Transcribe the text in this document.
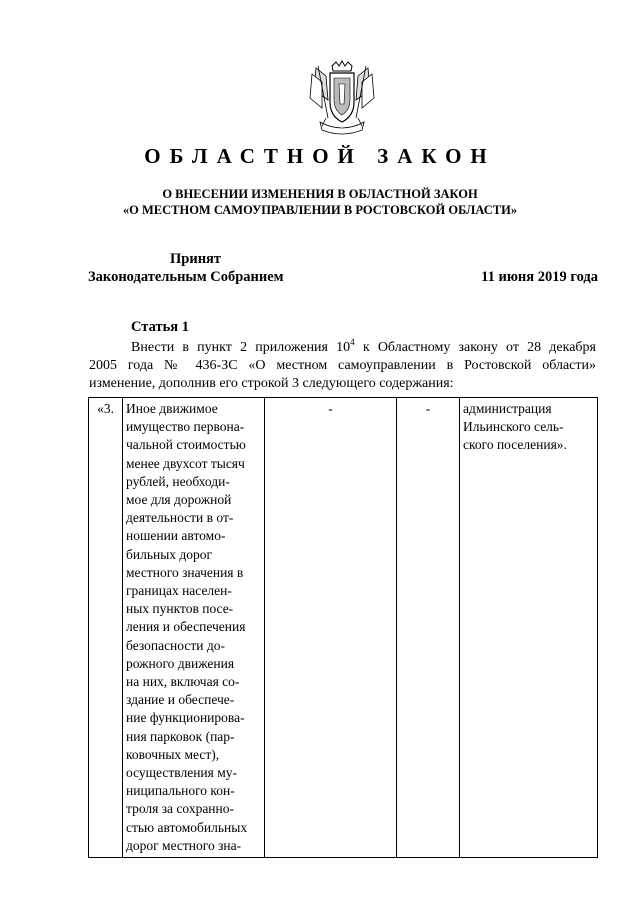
ОБЛАСТНОЙ ЗАКОН
О ВНЕСЕНИИ ИЗМЕНЕНИЯ В ОБЛАСТНОЙ ЗАКОН
«О МЕСТНОМ САМОУПРАВЛЕНИИ В РОСТОВСКОЙ ОБЛАСТИ»
Принят
Законодательным Собранием	11 июня 2019 года
Статья 1
Внести в пункт 2 приложения $10^4$ к Областному закону от 28 декабря
2005 года № 436-ЗС «О местном самоуправлении в Ростовской области»
изменение, дополнив его строкой 3 следующего содержания:
«3.	Иное движимое
имущество первона-
чальной стоимостью
менее двухсот тысяч
рублей, необходи-
мое для дорожной
деятельности в от-
ношении автомо-
бильных дорог
местного значения в
границах населен-
ных пунктов посе-
ления и обеспечения
безопасности до-
рожного движения
на них, включая со-
здание и обеспече-
ние функционирова-
ния парковок (пар-
ковочных мест),
осуществления му-
ниципального кон-
троля за сохранно-
стью автомобильных
дорог местного зна-
	-	-	администрация
Ильинского сель-
ского поселения».
